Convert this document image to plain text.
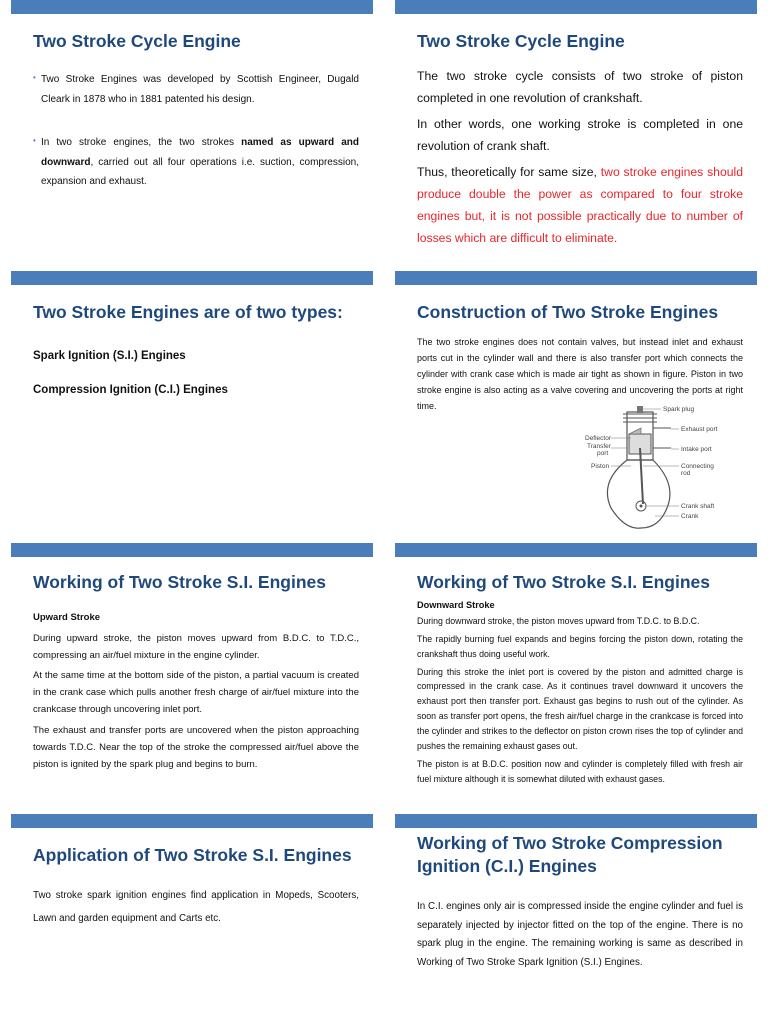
Two Stroke Cycle Engine
• Two Stroke Engines was developed by Scottish Engineer, Dugald Cleark in 1878 who in 1881 patented his design.
• In two stroke engines, the two strokes named as upward and downward, carried out all four operations i.e. suction, compression, expansion and exhaust.
Two Stroke Cycle Engine

The two stroke cycle consists of two stroke of piston completed in one revolution of crankshaft.

In other words, one working stroke is completed in one revolution of crank shaft.

Thus, theoretically for same size, two stroke engines should produce double the power as compared to four stroke engines but, it is not possible practically due to number of losses which are difficult to eliminate.

Two Stroke Engines are of two types:

Spark Ignition (S.I.) Engines

Compression Ignition (C.I.) Engines

Construction of Two Stroke Engines
The two stroke engines does not contain valves, but instead inlet and exhaust ports cut in the cylinder wall and there is also transfer port which connects the cylinder with crank case which is made air tight as shown in figure. Piston in two stroke engine is also acting as a valve covering and uncovering the ports at right time.	Spark plug
Exhaust port
Deflector
Transfer
port
Intake port
Piston	Connecting
rod
Crank shaft
Crank
Working of Two Stroke S.I. Engines
Upward Stroke

During upward stroke, the piston moves upward from B.D.C. to T.D.C., compressing an air/fuel mixture in the engine cylinder.

At the same time at the bottom side of the piston, a partial vacuum is created in the crank case which pulls another fresh charge of air/fuel mixture into the crankcase through uncovering inlet port.

The exhaust and transfer ports are uncovered when the piston approaching towards T.D.C. Near the top of the stroke the compressed air/fuel above the piston is ignited by the spark plug and begins to burn.

Working of Two Stroke S.I. Engines
Downward Stroke

During downward stroke, the piston moves upward from T.D.C. to B.D.C.

The rapidly burning fuel expands and begins forcing the piston down, rotating the crankshaft thus doing useful work.

During this stroke the inlet port is covered by the piston and admitted charge is compressed in the crank case. As it continues travel downward it uncovers the exhaust port then transfer port. Exhaust gas begins to rush out of the cylinder. As soon as transfer port opens, the fresh air/fuel charge in the crankcase is forced into the cylinder and strikes to the deflector on piston crown rises the top of cylinder and pushes the remaining exhaust gases out.

The piston is at B.D.C. position now and cylinder is completely filled with fresh air fuel mixture although it is somewhat diluted with exhaust gases.

Application of Two Stroke S.I. Engines
Two stroke spark ignition engines find application in Mopeds, Scooters, Lawn and garden equipment and Carts etc.
Working of Two Stroke Compression Ignition (C.I.) Engines
In C.I. engines only air is compressed inside the engine cylinder and fuel is separately injected by injector fitted on the top of the engine. There is no spark plug in the engine. The remaining working is same as described in Working of Two Stroke Spark Ignition (S.I.) Engines.
